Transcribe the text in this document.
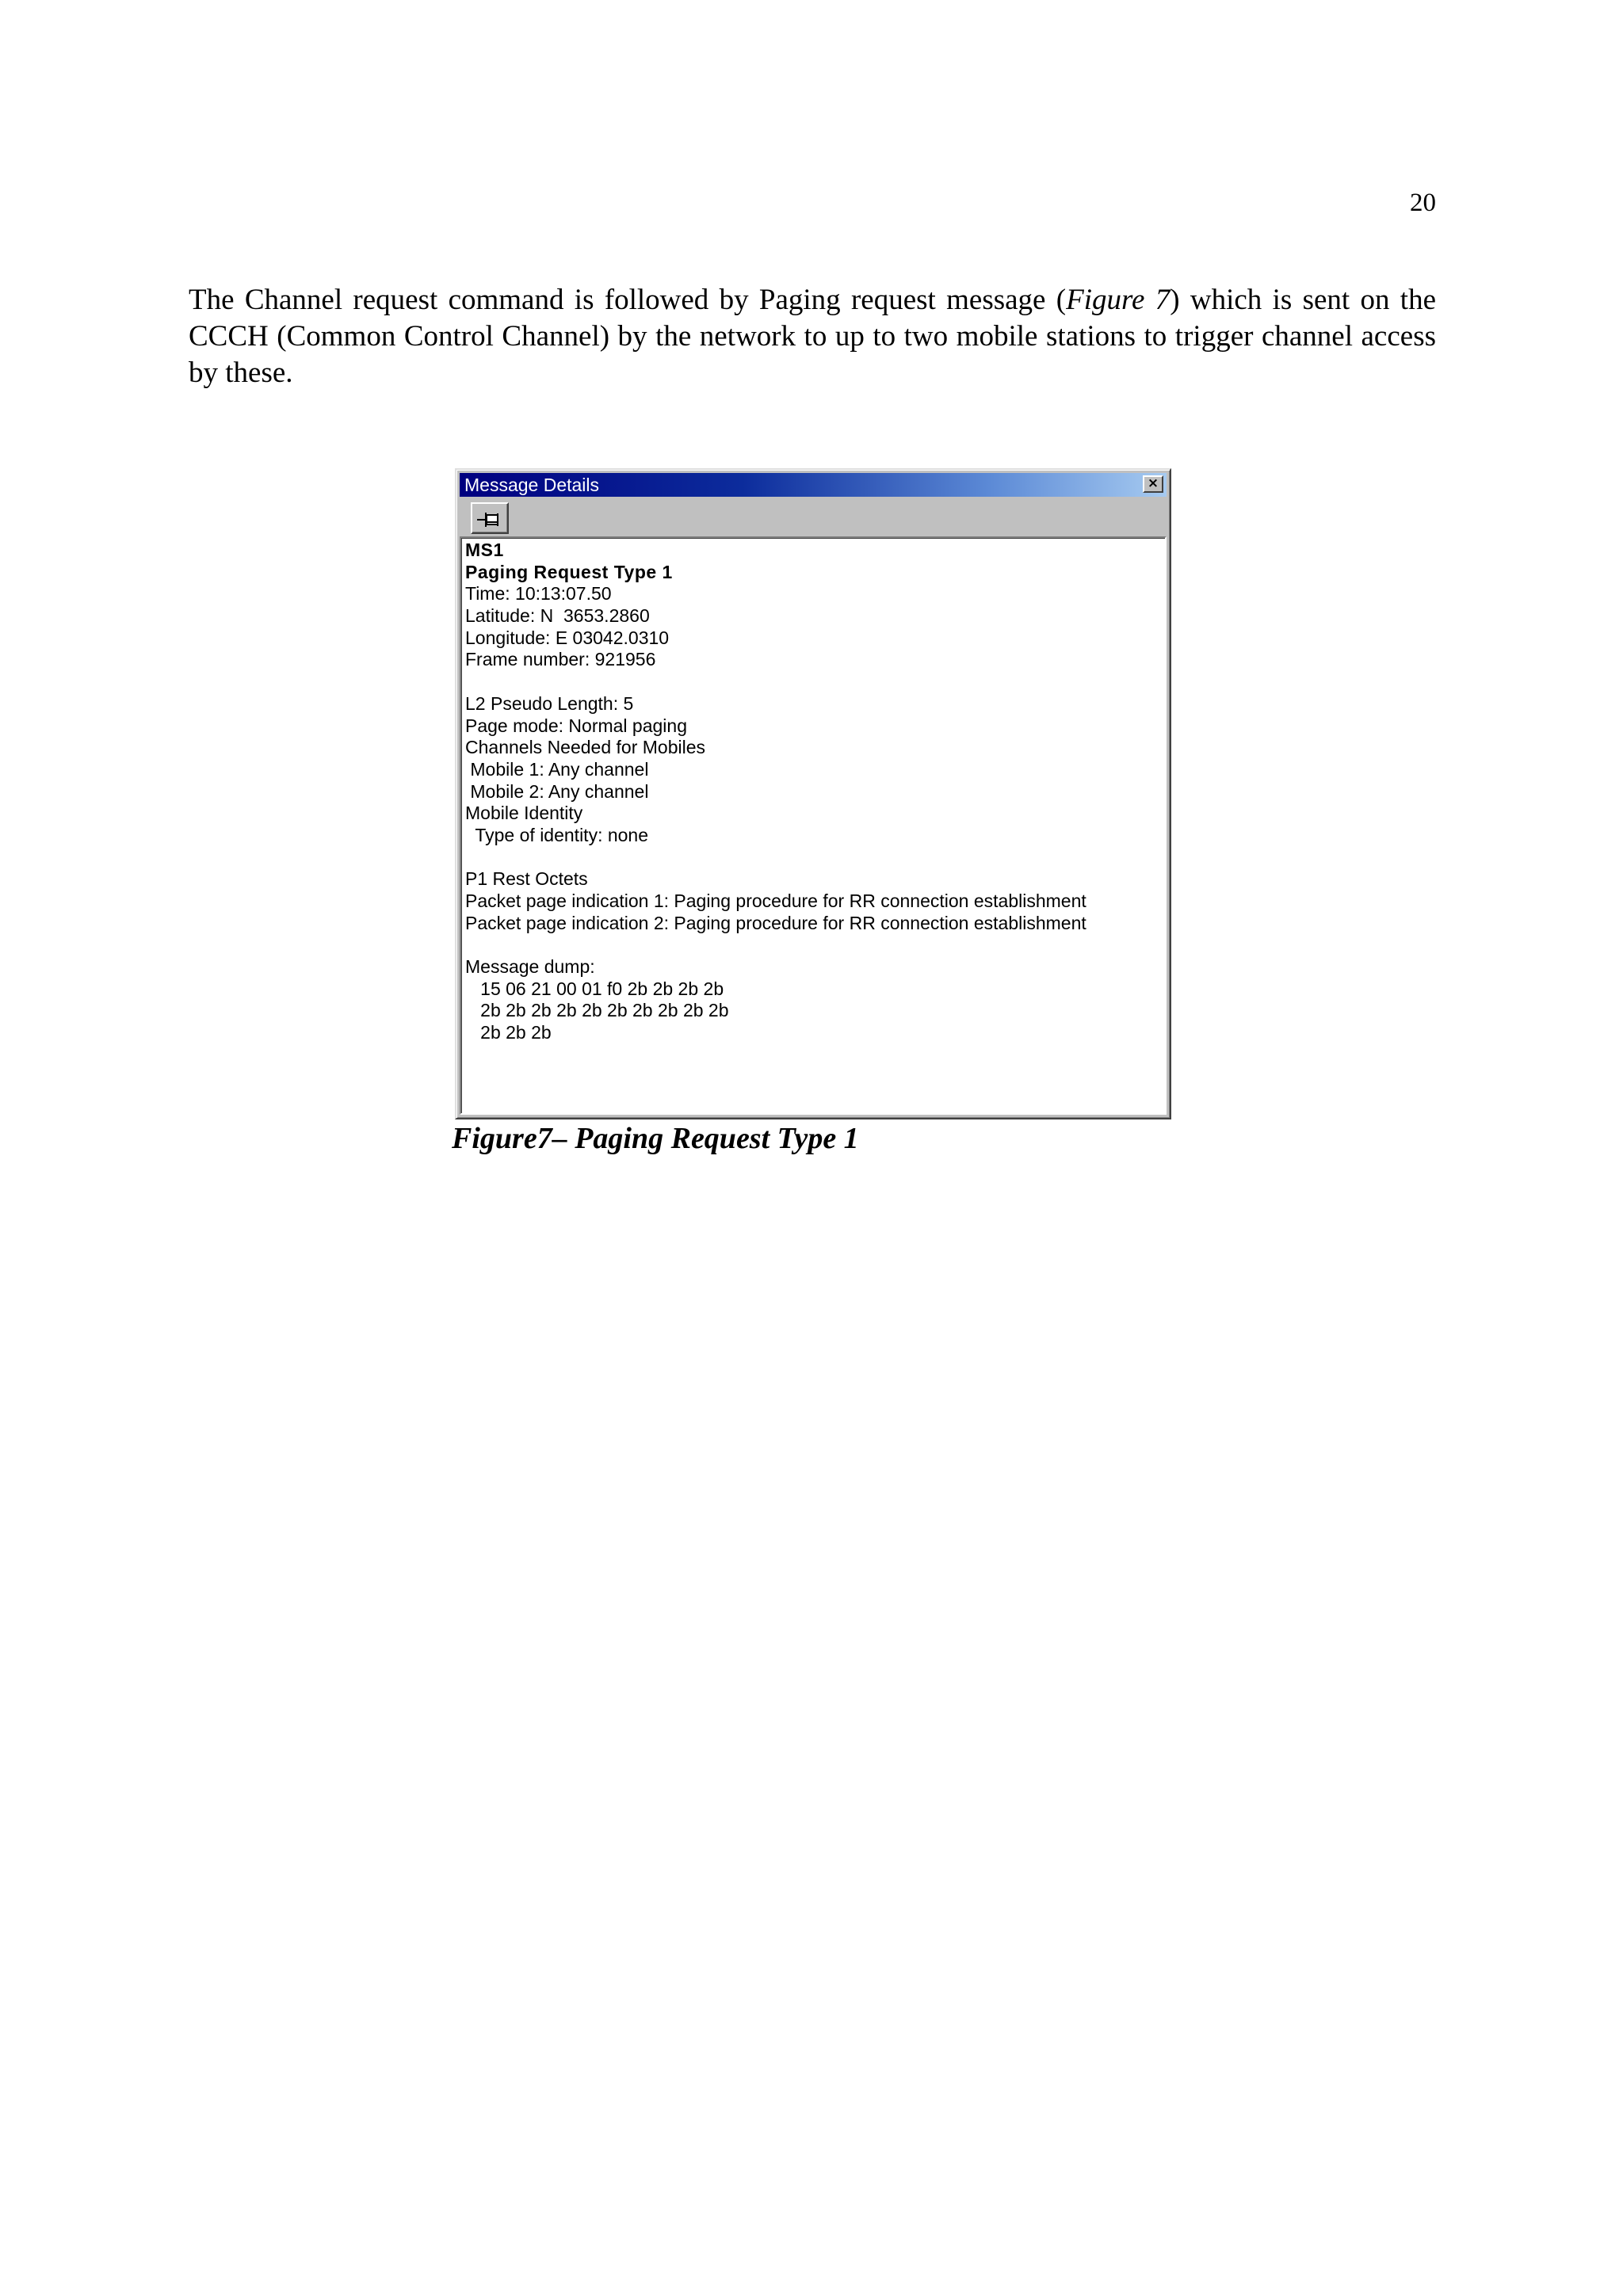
20

The Channel request command is followed by Paging request message (Figure 7) which is sent on the CCCH (Common Control Channel) by the network to up to two mobile stations to trigger channel access by these.

Message Details	×
MS1
Paging Request Type 1
Time: 10:13:07.50
Latitude: N  3653.2860
Longitude: E 03042.0310
Frame number: 921956
L2 Pseudo Length: 5
Page mode: Normal paging
Channels Needed for Mobiles
Mobile 1: Any channel
Mobile 2: Any channel
Mobile Identity
Type of identity: none
P1 Rest Octets
Packet page indication 1: Paging procedure for RR connection establishment
Packet page indication 2: Paging procedure for RR connection establishment
Message dump:
15 06 21 00 01 f0 2b 2b 2b 2b
2b 2b 2b 2b 2b 2b 2b 2b 2b 2b
2b 2b 2b
Figure7– Paging Request Type 1
